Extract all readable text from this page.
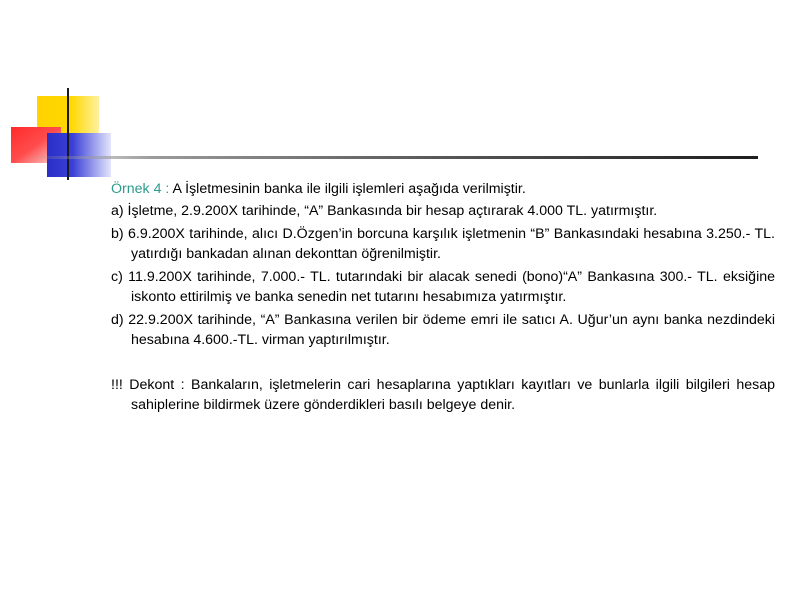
Örnek 4 : A İşletmesinin banka ile ilgili işlemleri aşağıda verilmiştir.

a) İşletme, 2.9.200X tarihinde, “A” Bankasında bir hesap açtırarak 4.000 TL. yatırmıştır.

b) 6.9.200X tarihinde, alıcı D.Özgen’in borcuna karşılık işletmenin “B” Bankasındaki hesabına 3.250.- TL. yatırdığı bankadan alınan dekonttan öğrenilmiştir.

c) 11.9.200X tarihinde, 7.000.- TL. tutarındaki bir alacak senedi (bono)“A” Bankasına 300.- TL. eksiğine iskonto ettirilmiş ve banka senedin net tutarını hesabımıza yatırmıştır.

d) 22.9.200X tarihinde, “A” Bankasına verilen bir ödeme emri ile satıcı A. Uğur’un aynı banka nezdindeki hesabına 4.600.-TL. virman yaptırılmıştır.

!!! Dekont : Bankaların, işletmelerin cari hesaplarına yaptıkları kayıtları ve bunlarla ilgili bilgileri hesap sahiplerine bildirmek üzere gönderdikleri basılı belgeye denir.
